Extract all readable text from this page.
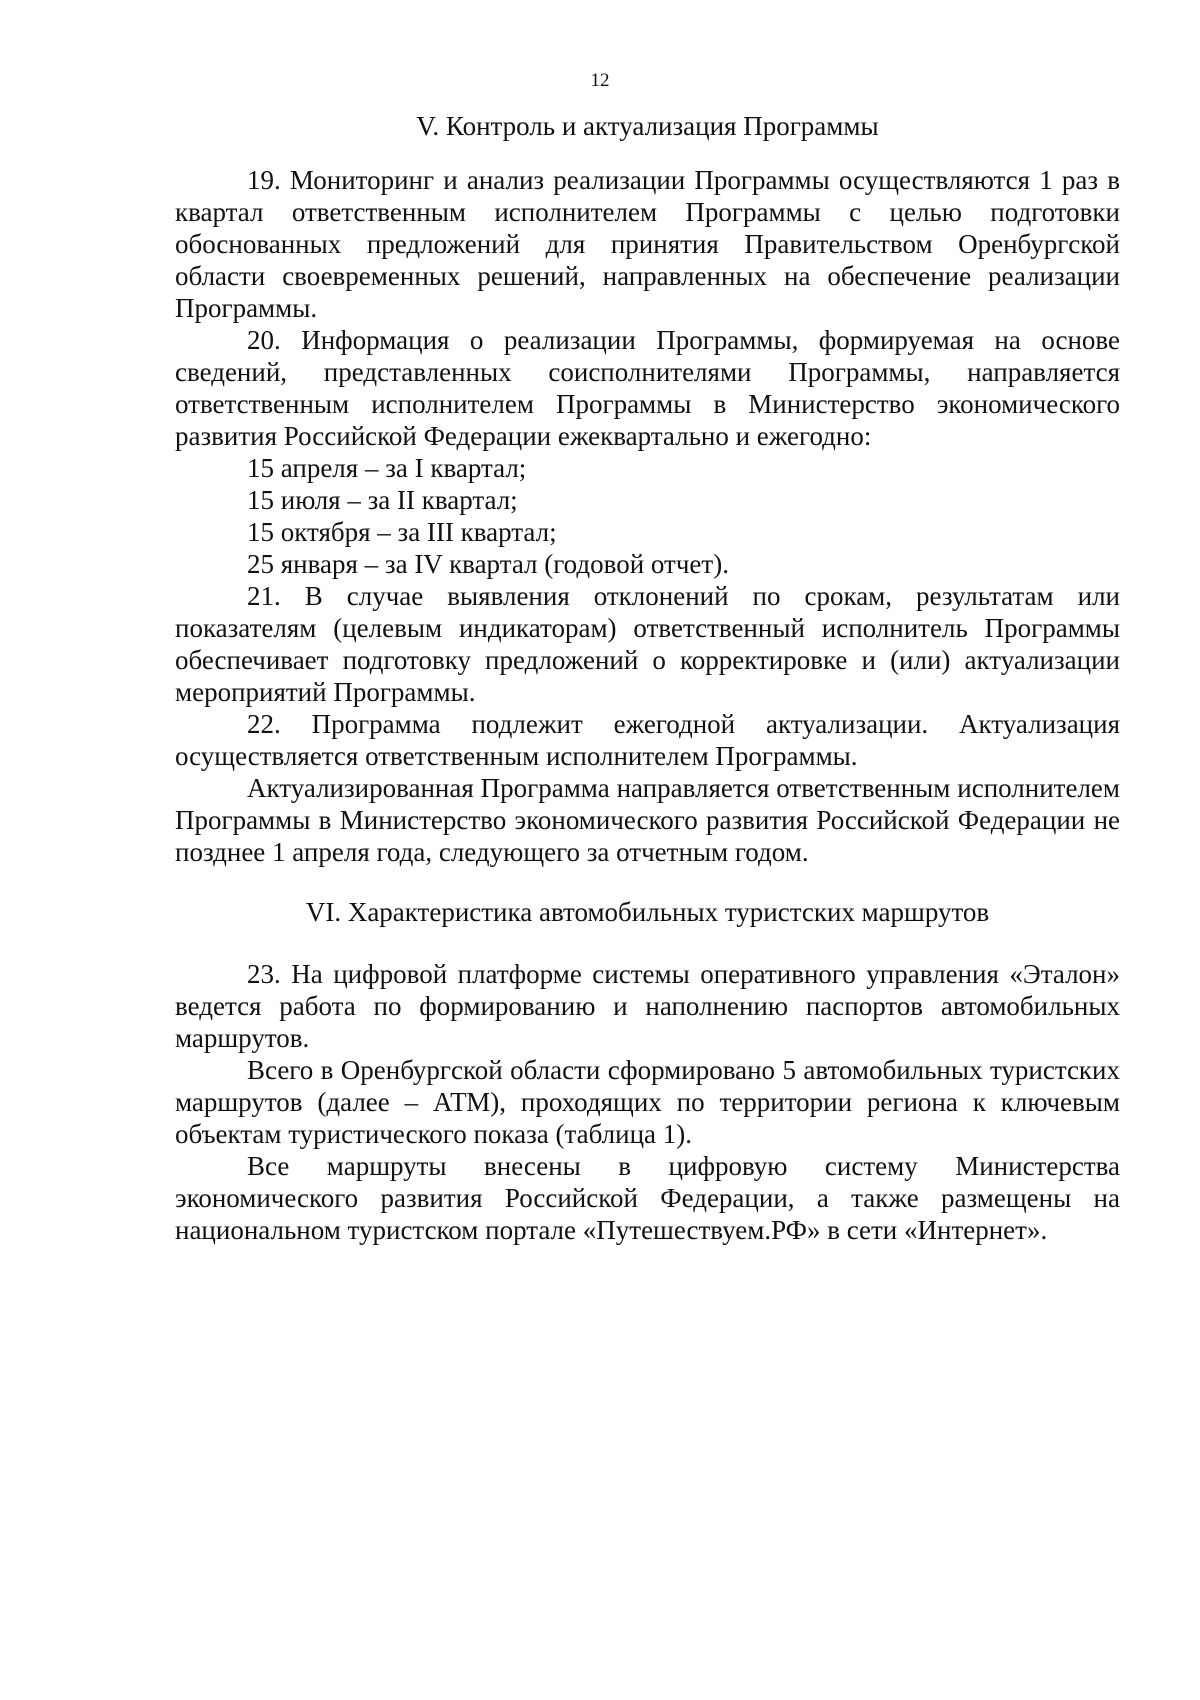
12
V. Контроль и актуализация Программы

19. Мониторинг и анализ реализации Программы осуществляются 1 раз в квартал ответственным исполнителем Программы с целью подготовки обоснованных предложений для принятия Правительством Оренбургской области своевременных решений, направленных на обеспечение реализации Программы.

20. Информация о реализации Программы, формируемая на основе сведений, представленных соисполнителями Программы, направляется ответственным исполнителем Программы в Министерство экономического развития Российской Федерации ежеквартально и ежегодно:

15 апреля – за I квартал;

15 июля – за II квартал;

15 октября – за III квартал;

25 января – за IV квартал (годовой отчет).

21. В случае выявления отклонений по срокам, результатам или показателям (целевым индикаторам) ответственный исполнитель Программы обеспечивает подготовку предложений о корректировке и (или) актуализации мероприятий Программы.

22. Программа подлежит ежегодной актуализации. Актуализация осуществляется ответственным исполнителем Программы.

Актуализированная Программа направляется ответственным исполнителем Программы в Министерство экономического развития Российской Федерации не позднее 1 апреля года, следующего за отчетным годом.

VI. Характеристика автомобильных туристских маршрутов

23. На цифровой платформе системы оперативного управления «Эталон» ведется работа по формированию и наполнению паспортов автомобильных маршрутов.

Всего в Оренбургской области сформировано 5 автомобильных туристских маршрутов (далее – АТМ), проходящих по территории региона к ключевым объектам туристического показа (таблица 1).

Все маршруты внесены в цифровую систему Министерства экономического развития Российской Федерации, а также размещены на национальном туристском портале «Путешествуем.РФ» в сети «Интернет».
